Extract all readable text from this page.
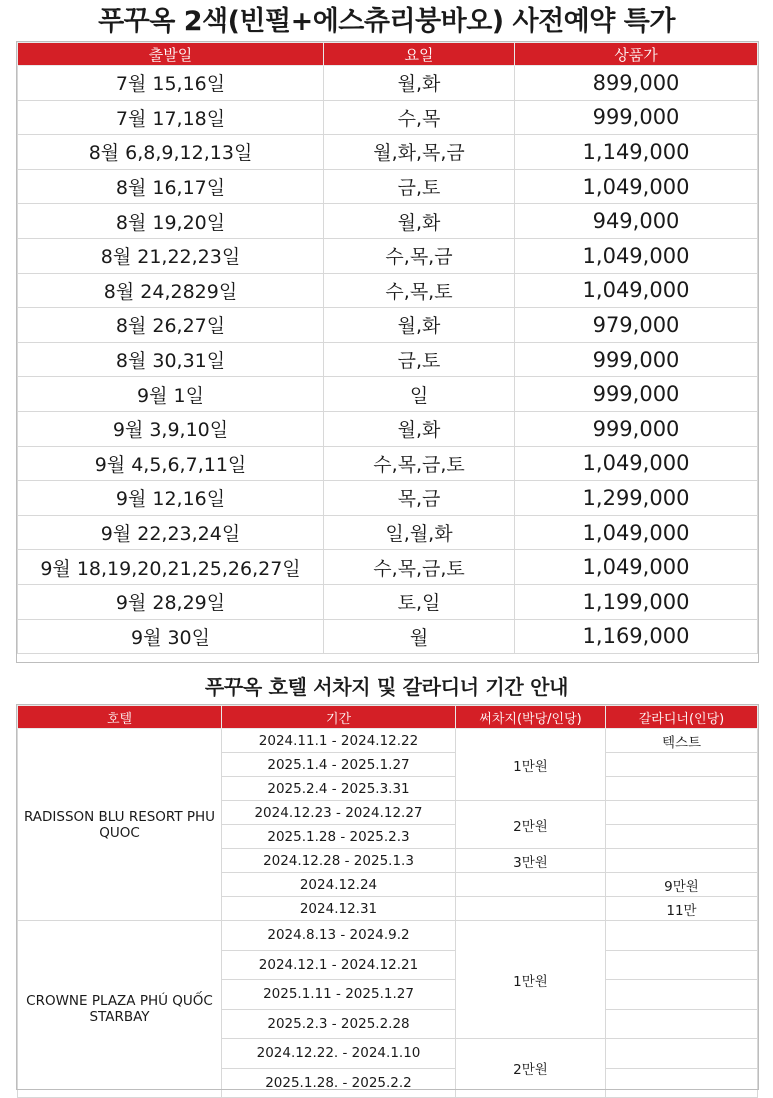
푸꾸옥 2색(빈펄+에스츄리붕바오) 사전예약 특가
출발일	요일	상품가
7월 15,16일	월,화	899,000
7월 17,18일	수,목	999,000
8월 6,8,9,12,13일	월,화,목,금	1,149,000
8월 16,17일	금,토	1,049,000
8월 19,20일	월,화	949,000
8월 21,22,23일	수,목,금	1,049,000
8월 24,2829일	수,목,토	1,049,000
8월 26,27일	월,화	979,000
8월 30,31일	금,토	999,000
9월 1일	일	999,000
9월 3,9,10일	월,화	999,000
9월 4,5,6,7,11일	수,목,금,토	1,049,000
9월 12,16일	목,금	1,299,000
9월 22,23,24일	일,월,화	1,049,000
9월 18,19,20,21,25,26,27일	수,목,금,토	1,049,000
9월 28,29일	토,일	1,199,000
9월 30일	월	1,169,000
푸꾸옥 호텔 서차지 및 갈라디너 기간 안내
호텔	기간	써차지(박당/인당)	갈라디너(인당)
RADISSON BLU RESORT PHU QUOC	2024.11.1 - 2024.12.22	1만원	텍스트
	2025.1.4 - 2025.1.27		
	2025.2.4 - 2025.3.31		
	2024.12.23 - 2024.12.27	2만원	
	2025.1.28 - 2025.2.3		
	2024.12.28 - 2025.1.3	3만원	
	2024.12.24		9만원
	2024.12.31		11만
CROWNE PLAZA PHÚ QUỐC STARBAY	2024.8.13 - 2024.9.2	1만원	
	2024.12.1 - 2024.12.21		
	2025.1.11 - 2025.1.27		
	2025.2.3 - 2025.2.28		
	2024.12.22. - 2024.1.10	2만원	
	2025.1.28. - 2025.2.2		
